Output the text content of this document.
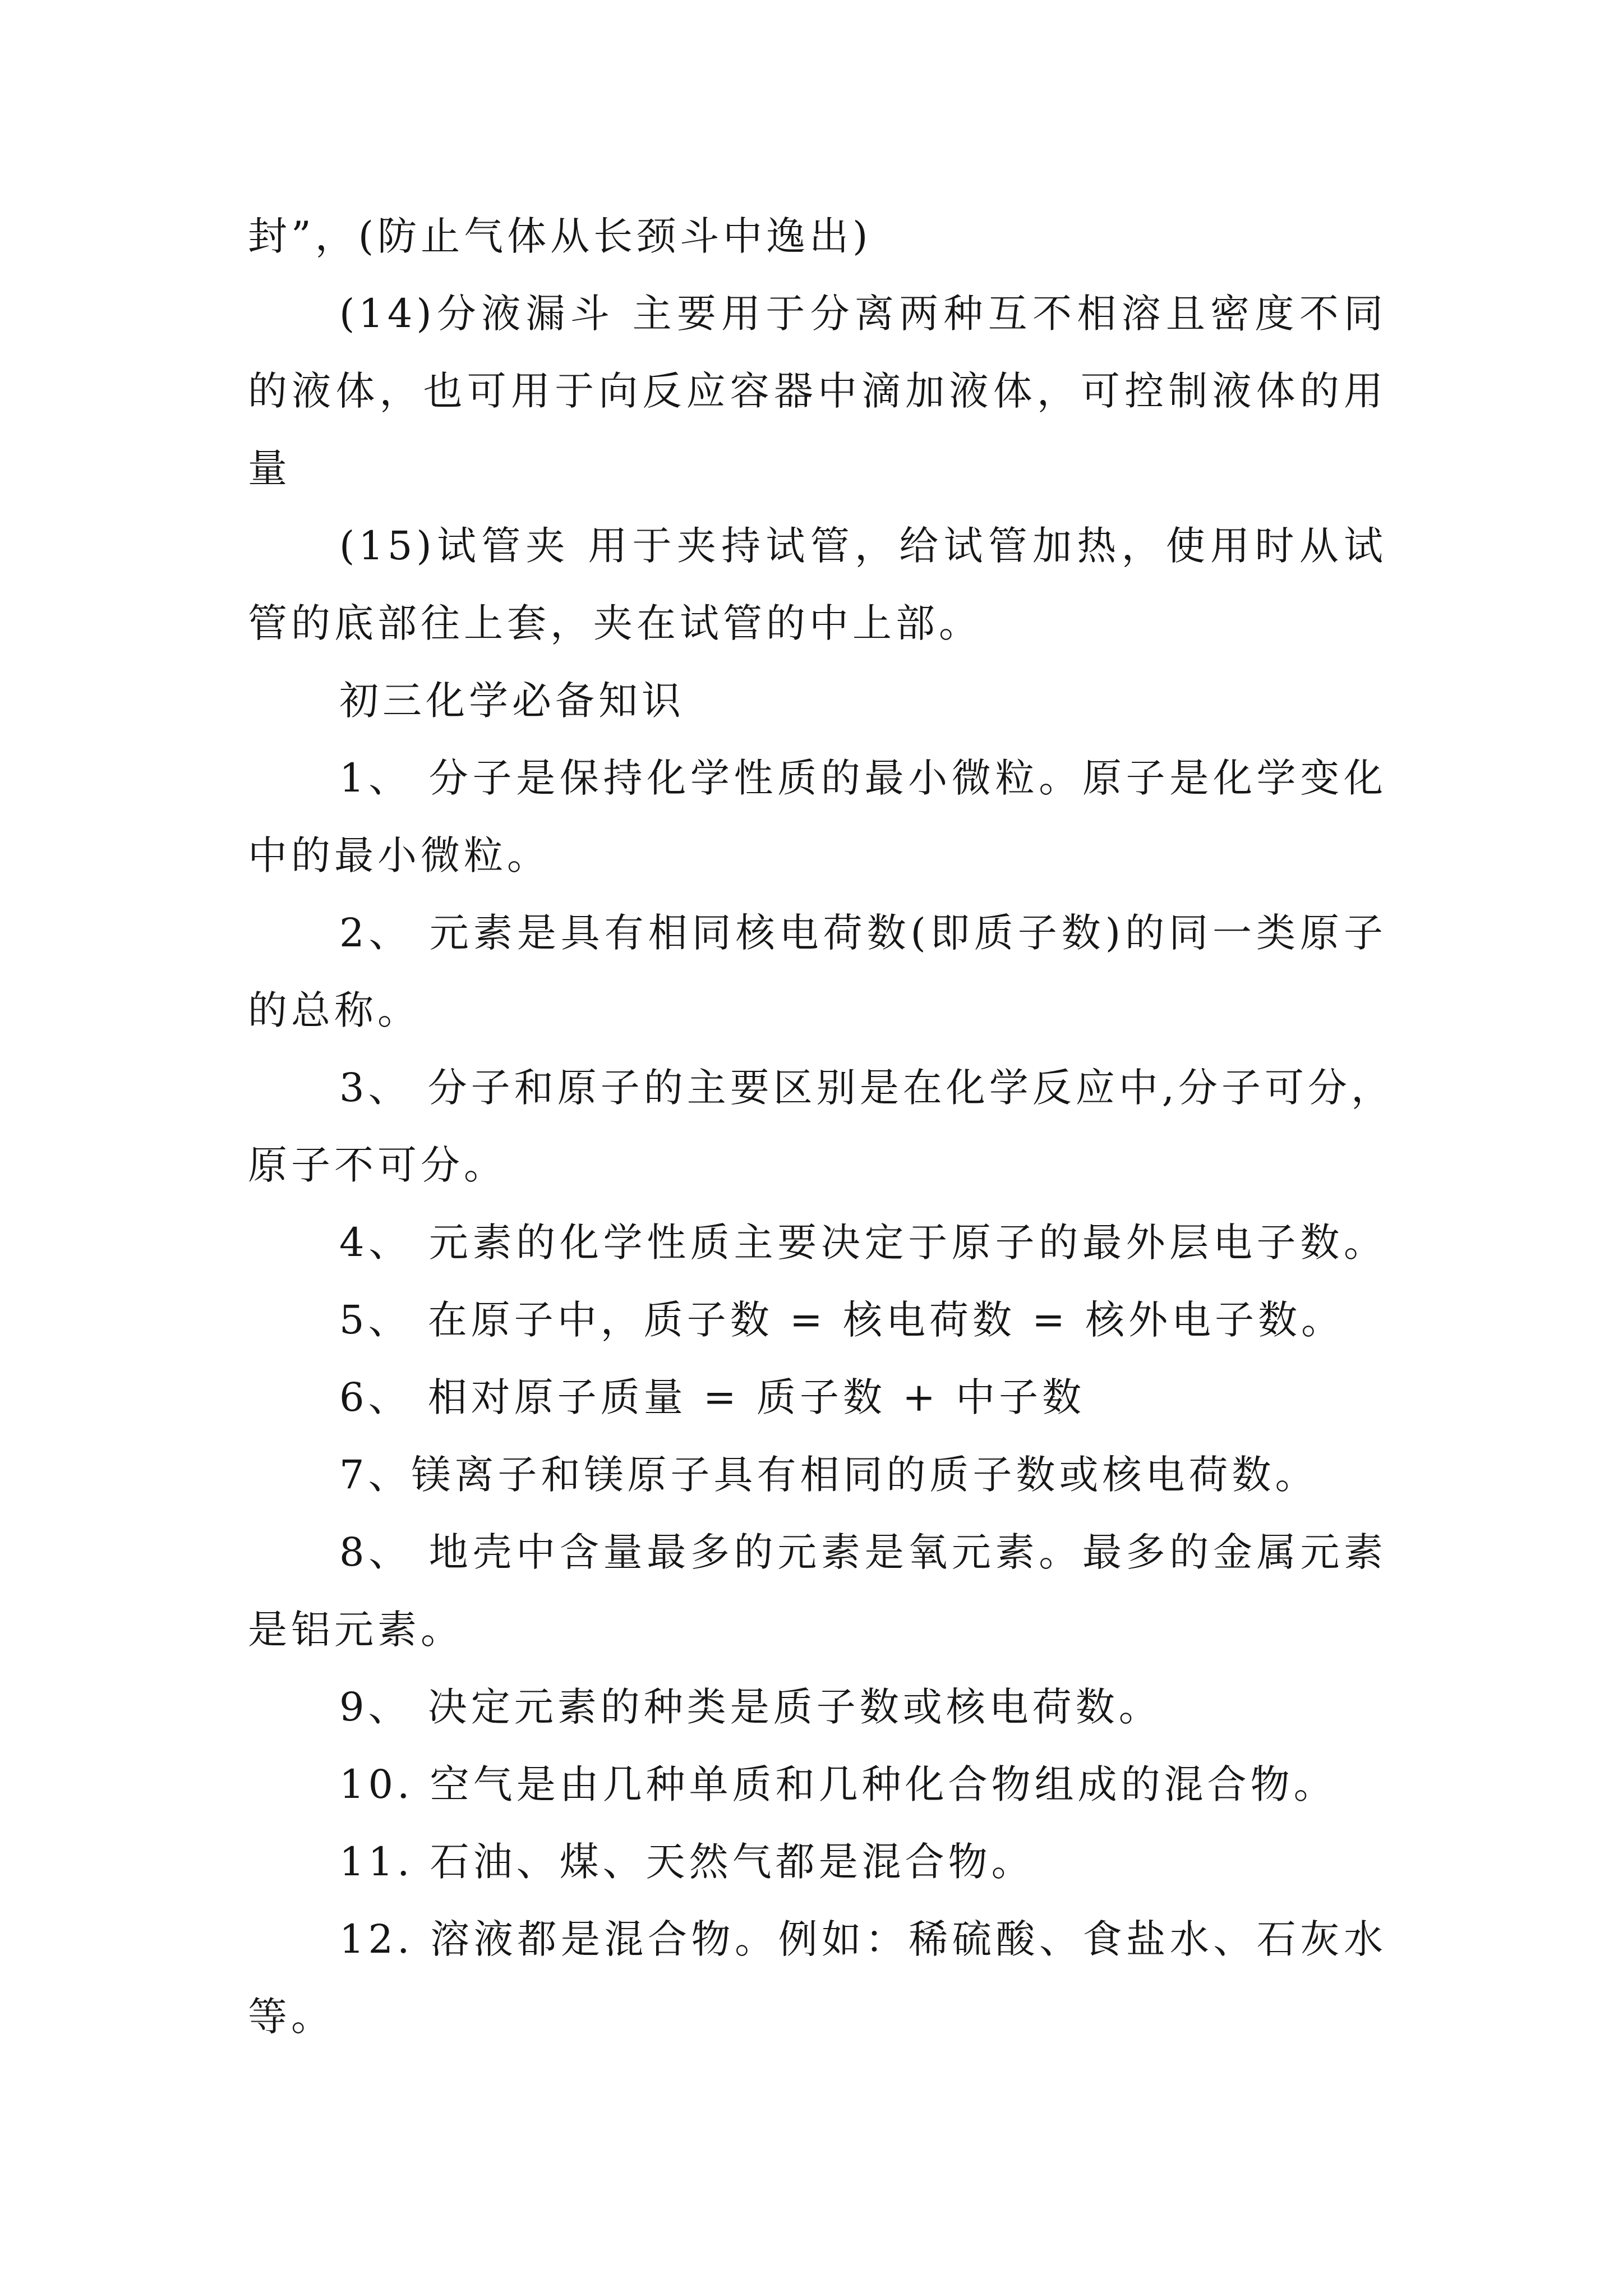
封”，(防止气体从长颈斗中逸出)
(14)分液漏斗 主要用于分离两种互不相溶且密度不同
的液体，也可用于向反应容器中滴加液体，可控制液体的用
量
(15)试管夹 用于夹持试管，给试管加热，使用时从试
管的底部往上套，夹在试管的中上部。
初三化学必备知识
1、 分子是保持化学性质的最小微粒。原子是化学变化
中的最小微粒。
2、 元素是具有相同核电荷数(即质子数)的同一类原子
的总称。
3、 分子和原子的主要区别是在化学反应中,分子可分，
原子不可分。
4、 元素的化学性质主要决定于原子的最外层电子数。
5、 在原子中，质子数 = 核电荷数 = 核外电子数。
6、 相对原子质量 = 质子数 + 中子数
7、镁离子和镁原子具有相同的质子数或核电荷数。
8、 地壳中含量最多的元素是氧元素。最多的金属元素
是铝元素。
9、 决定元素的种类是质子数或核电荷数。
10. 空气是由几种单质和几种化合物组成的混合物。
11. 石油、煤、天然气都是混合物。
12. 溶液都是混合物。例如：稀硫酸、食盐水、石灰水
等。
